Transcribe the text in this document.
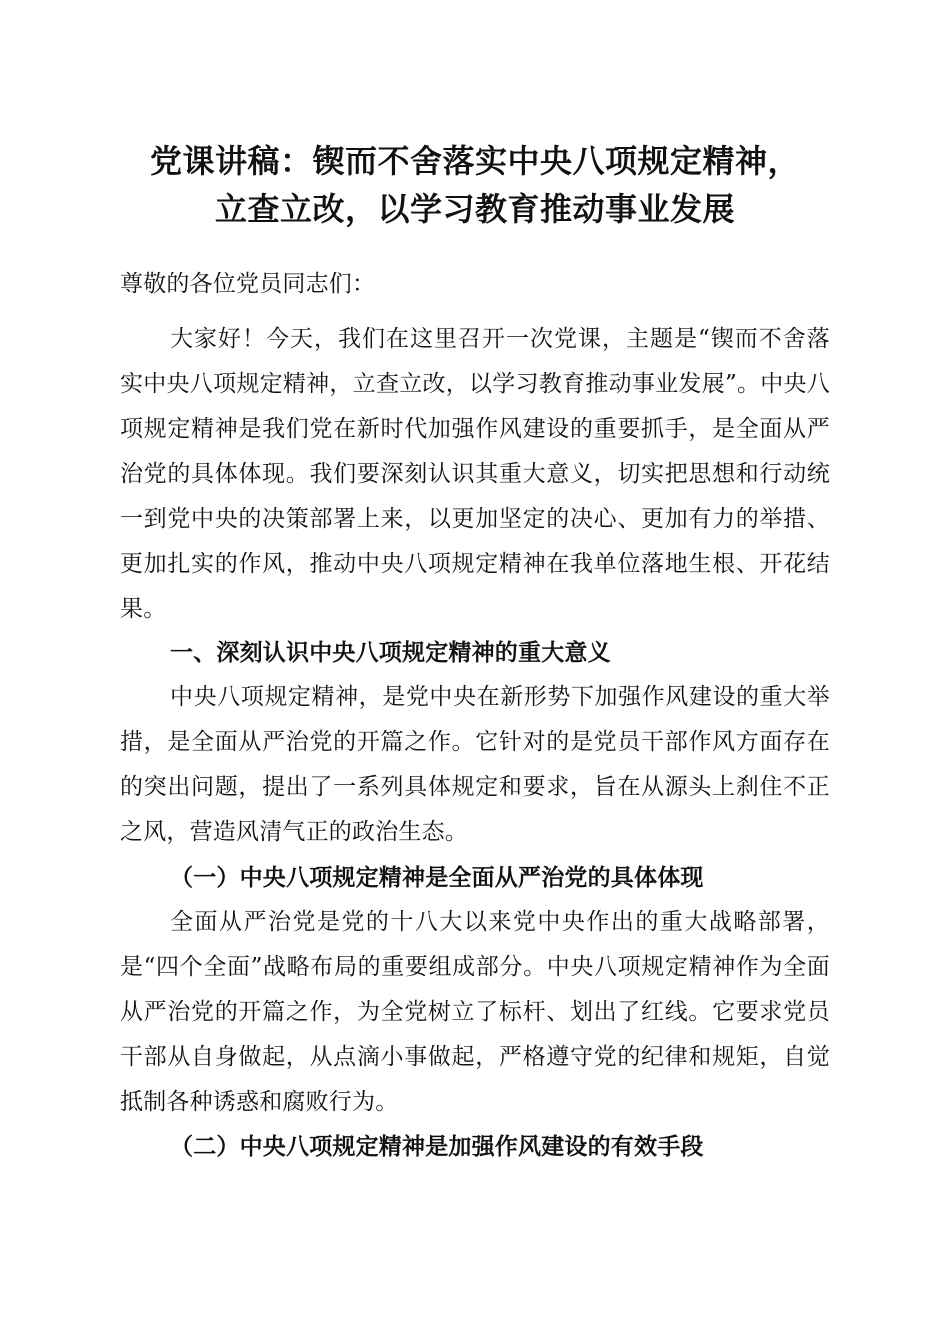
党课讲稿：锲而不舍落实中央八项规定精神，
立查立改，以学习教育推动事业发展
尊敬的各位党员同志们：
大家好！今天，我们在这里召开一次党课，主题是“锲而不舍落实中央八项规定精神，立查立改，以学习教育推动事业发展”。中央八项规定精神是我们党在新时代加强作风建设的重要抓手，是全面从严治党的具体体现。我们要深刻认识其重大意义，切实把思想和行动统一到党中央的决策部署上来，以更加坚定的决心、更加有力的举措、更加扎实的作风，推动中央八项规定精神在我单位落地生根、开花结果。
一、深刻认识中央八项规定精神的重大意义
中央八项规定精神，是党中央在新形势下加强作风建设的重大举措，是全面从严治党的开篇之作。它针对的是党员干部作风方面存在的突出问题，提出了一系列具体规定和要求，旨在从源头上刹住不正之风，营造风清气正的政治生态。
（一）中央八项规定精神是全面从严治党的具体体现
全面从严治党是党的十八大以来党中央作出的重大战略部署，是“四个全面”战略布局的重要组成部分。中央八项规定精神作为全面从严治党的开篇之作，为全党树立了标杆、划出了红线。它要求党员干部从自身做起，从点滴小事做起，严格遵守党的纪律和规矩，自觉抵制各种诱惑和腐败行为。
（二）中央八项规定精神是加强作风建设的有效手段
